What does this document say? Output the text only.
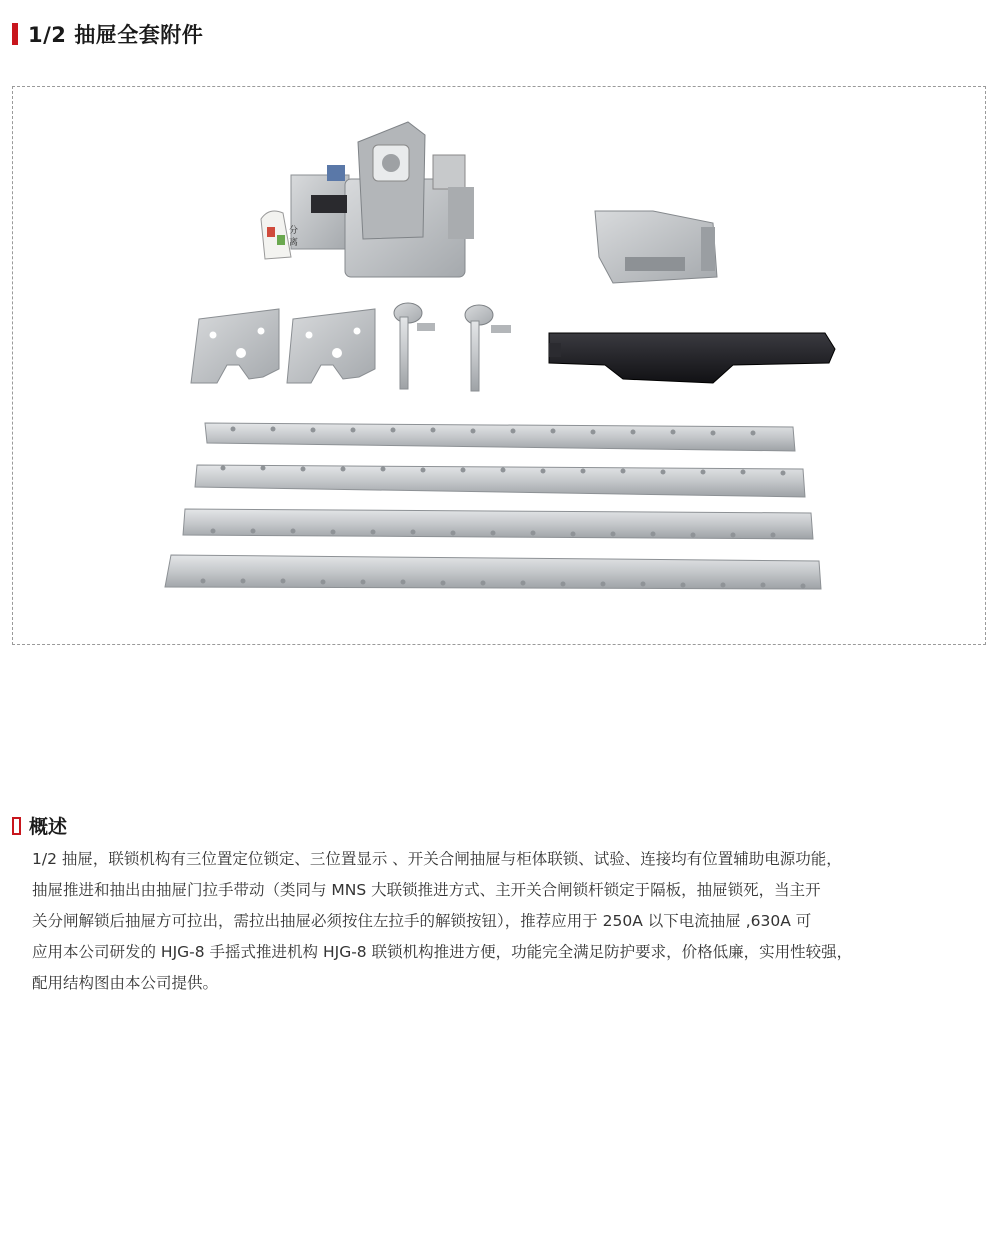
1/2 抽屉全套附件
分
离
概述

1/2 抽屉，联锁机构有三位置定位锁定、三位置显示 、开关合闸抽屉与柜体联锁、试验、连接均有位置辅助电源功能，

抽屉推进和抽出由抽屉门拉手带动（类同与 MNS 大联锁推进方式、主开关合闸锁杆锁定于隔板，抽屉锁死，当主开

关分闸解锁后抽屉方可拉出，需拉出抽屉必须按住左拉手的解锁按钮），推荐应用于 250A 以下电流抽屉 ,630A 可

应用本公司研发的 HJG-8 手摇式推进机构 HJG-8 联锁机构推进方便，功能完全满足防护要求，价格低廉，实用性较强，

配用结构图由本公司提供。
